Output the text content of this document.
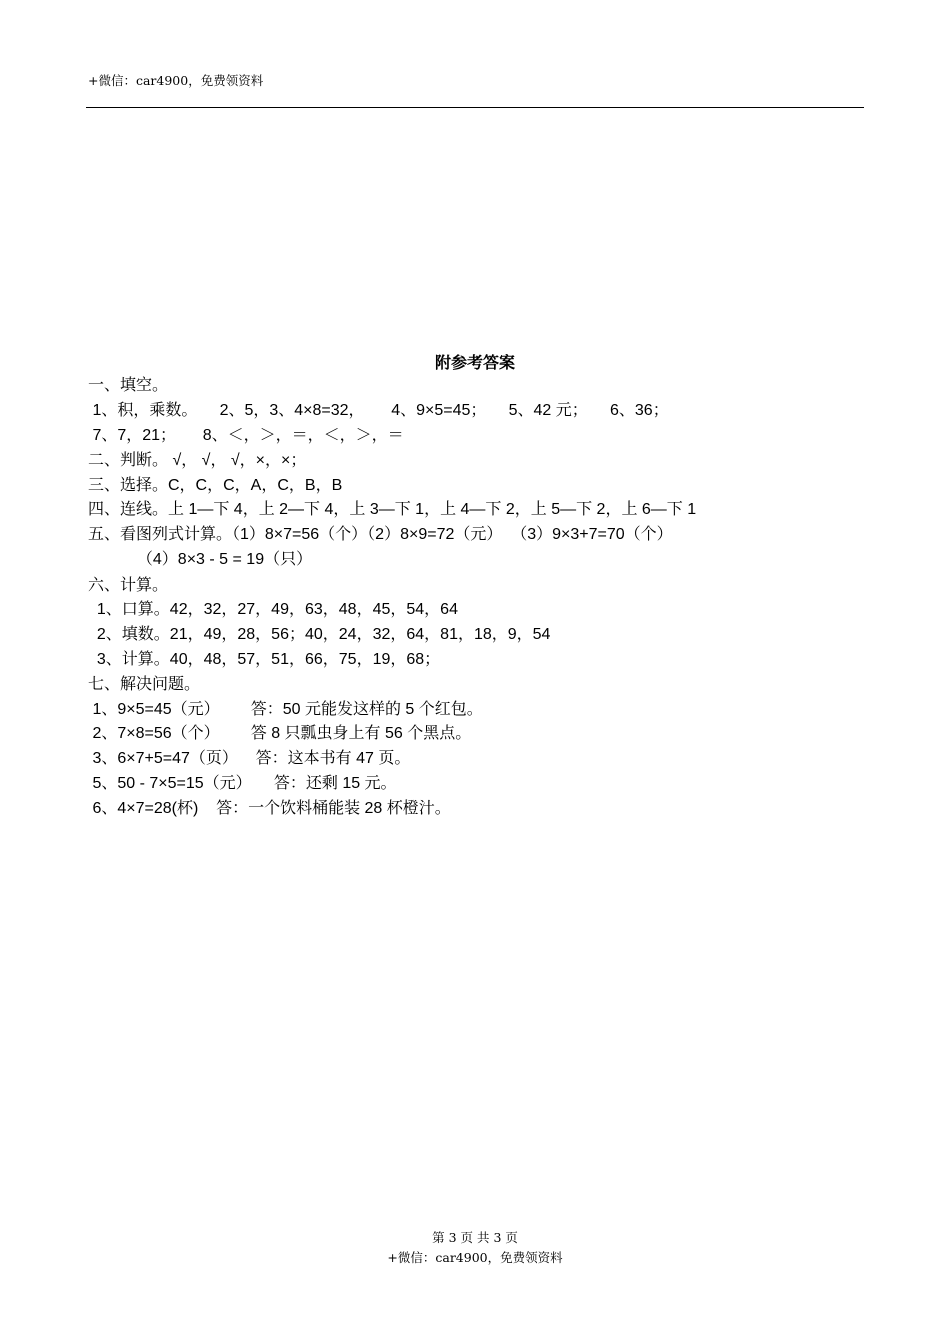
+微信：car4900，免费领资料
附参考答案
一、填空。
1、积，乘数。     2、5，3、4×8=32，      4、9×5=45；     5、42 元；     6、36；
7、7，21；      8、＜，＞，＝，＜，＞，＝
二、判断。 √， √， √，×，×；
三、选择。C，C，C，A，C，B，B
四、连线。上 1—下 4，上 2—下 4，上 3—下 1，上 4—下 2，上 5—下 2，上 6—下 1
五、看图列式计算。（1）8×7=56（个）（2）8×9=72（元）  （3）9×3+7=70（个）
（4）8×3 - 5 = 19（只）
六、计算。
1、口算。42，32，27，49，63，48，45，54，64
2、填数。21，49，28，56；40，24，32，64，81，18，9，54
3、计算。40，48，57，51，66，75，19，68；
七、解决问题。
1、9×5=45（元）       答：50 元能发这样的 5 个红包。
2、7×8=56（个）       答 8 只瓢虫身上有 56 个黑点。
3、6×7+5=47（页）    答：这本书有 47 页。
5、50 - 7×5=15（元）     答：还剩 15 元。
6、4×7=28(杯)    答：一个饮料桶能装 28 杯橙汁。
第 3 页 共 3 页
+微信：car4900，免费领资料
